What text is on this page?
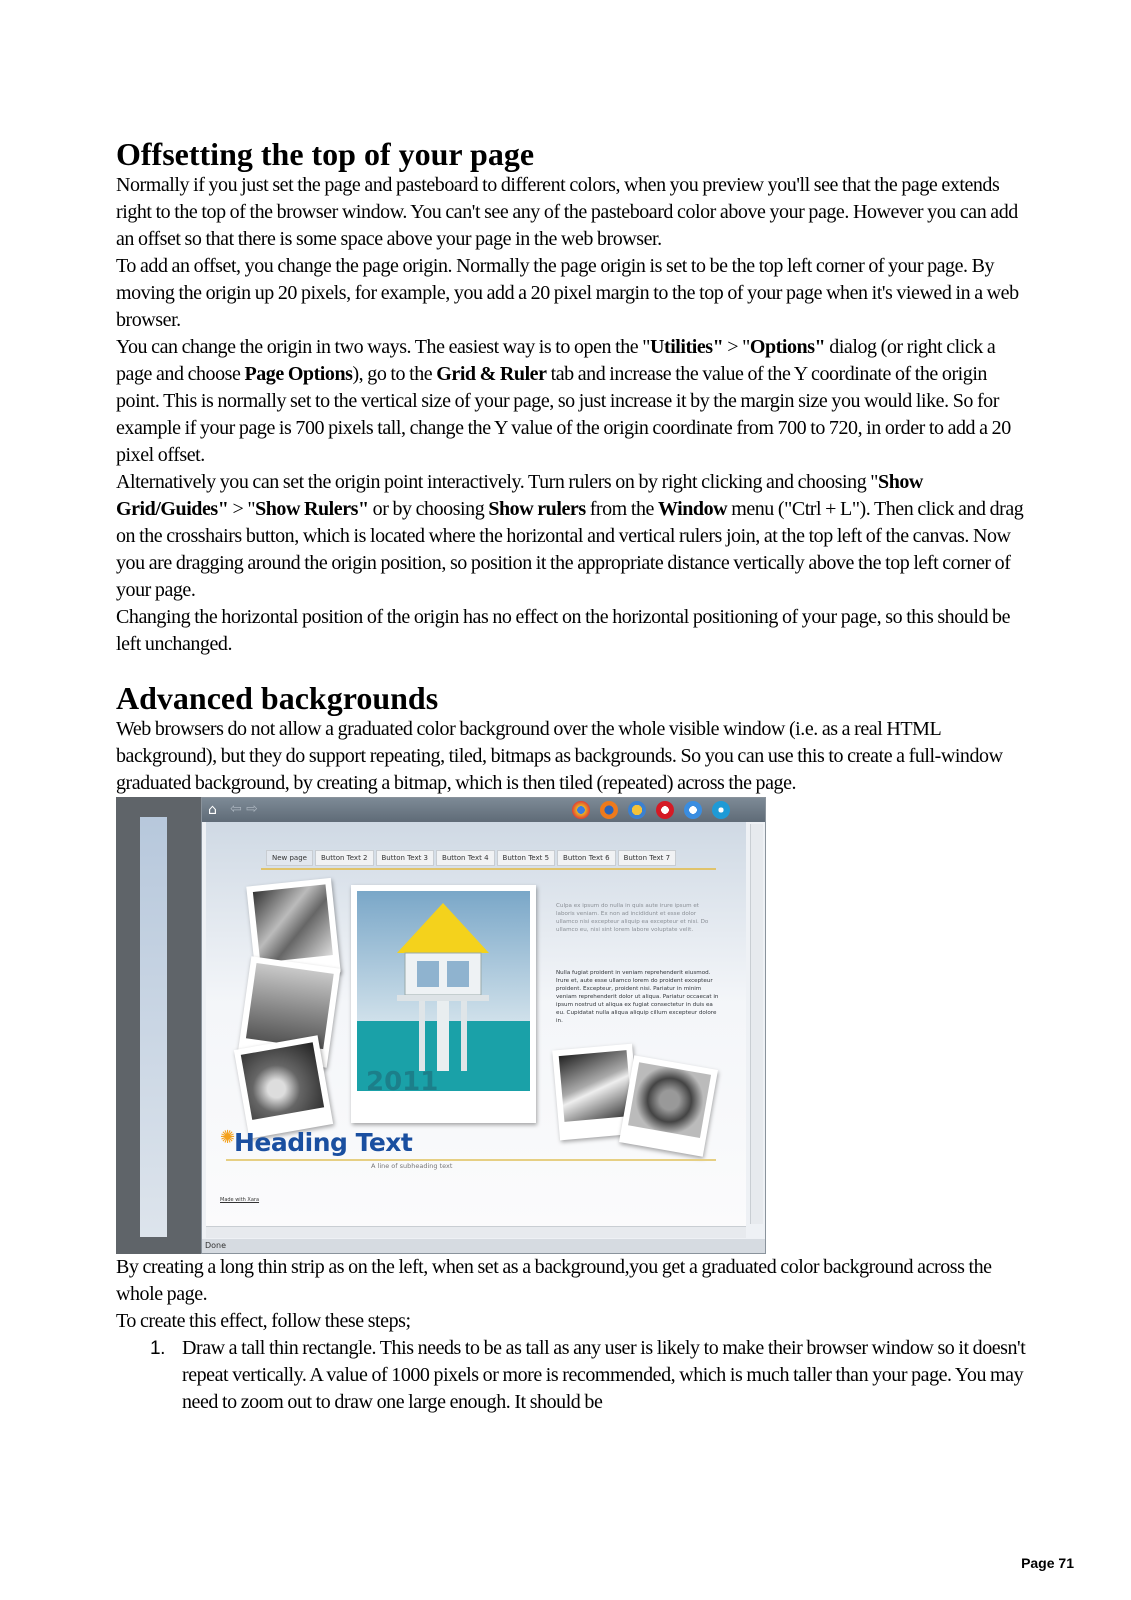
Offsetting the top of your page

Normally if you just set the page and pasteboard to different colors, when you preview you'll see that the page extends right to the top of the browser window. You can't see any of the pasteboard color above your page. However you can add an offset so that there is some space above your page in the web browser.

To add an offset, you change the page origin. Normally the page origin is set to be the top left corner of your page. By moving the origin up 20 pixels, for example, you add a 20 pixel margin to the top of your page when it's viewed in a web browser.

You can change the origin in two ways. The easiest way is to open the "Utilities" > "Options" dialog (or right click a page and choose Page Options), go to the Grid & Ruler tab and increase the value of the Y coordinate of the origin point. This is normally set to the vertical size of your page, so just increase it by the margin size you would like. So for example if your page is 700 pixels tall, change the Y value of the origin coordinate from 700 to 720, in order to add a 20 pixel offset.

Alternatively you can set the origin point interactively. Turn rulers on by right clicking and choosing "Show Grid/Guides" > "Show Rulers" or by choosing Show rulers from the Window menu ("Ctrl + L"). Then click and drag on the crosshairs button, which is located where the horizontal and vertical rulers join, at the top left of the canvas. Now you are dragging around the origin position, so position it the appropriate distance vertically above the top left corner of your page.

Changing the horizontal position of the origin has no effect on the horizontal positioning of your page, so this should be left unchanged.

Advanced backgrounds

Web browsers do not allow a graduated color background over the whole visible window (i.e. as a real HTML background), but they do support repeating, tiled, bitmaps as backgrounds. So you can use this to create a full-window graduated background, by creating a bitmap, which is then tiled (repeated) across the page.

⌂ ⇦ ⇨
New page	Button Text 2	Button Text 3	Button Text 4	Button Text 5	Button Text 6	Button Text 7
2011
Culpa ex ipsum do nulla in quis aute irure ipsum et laboris veniam. Ex non ad incididunt et esse dolor ullamco nisi excepteur aliquip ea excepteur et nisi. Do ullamco eu, nisi sint lorem labore voluptate velit.
Nulla fugiat proident in veniam reprehenderit eiusmod. Irure et, aute esse ullamco lorem do proident excepteur proident. Excepteur, proident nisi. Pariatur in minim veniam reprehenderit dolor ut aliqua. Pariatur occaecat in ipsum nostrud ut aliqua ex fugiat consectetur in duis ea eu. Cupidatat nulla aliqua aliquip cillum excepteur dolore in.
✺
Heading Text
A line of subheading text
Made with Xara
Done

By creating a long thin strip as on the left, when set as a background,you get a graduated color background across the whole page.

To create this effect, follow these steps;

1. Draw a tall thin rectangle. This needs to be as tall as any user is likely to make their browser window so it doesn't repeat vertically. A value of 1000 pixels or more is recommended, which is much taller than your page. You may need to zoom out to draw one large enough. It should be
Page 71
